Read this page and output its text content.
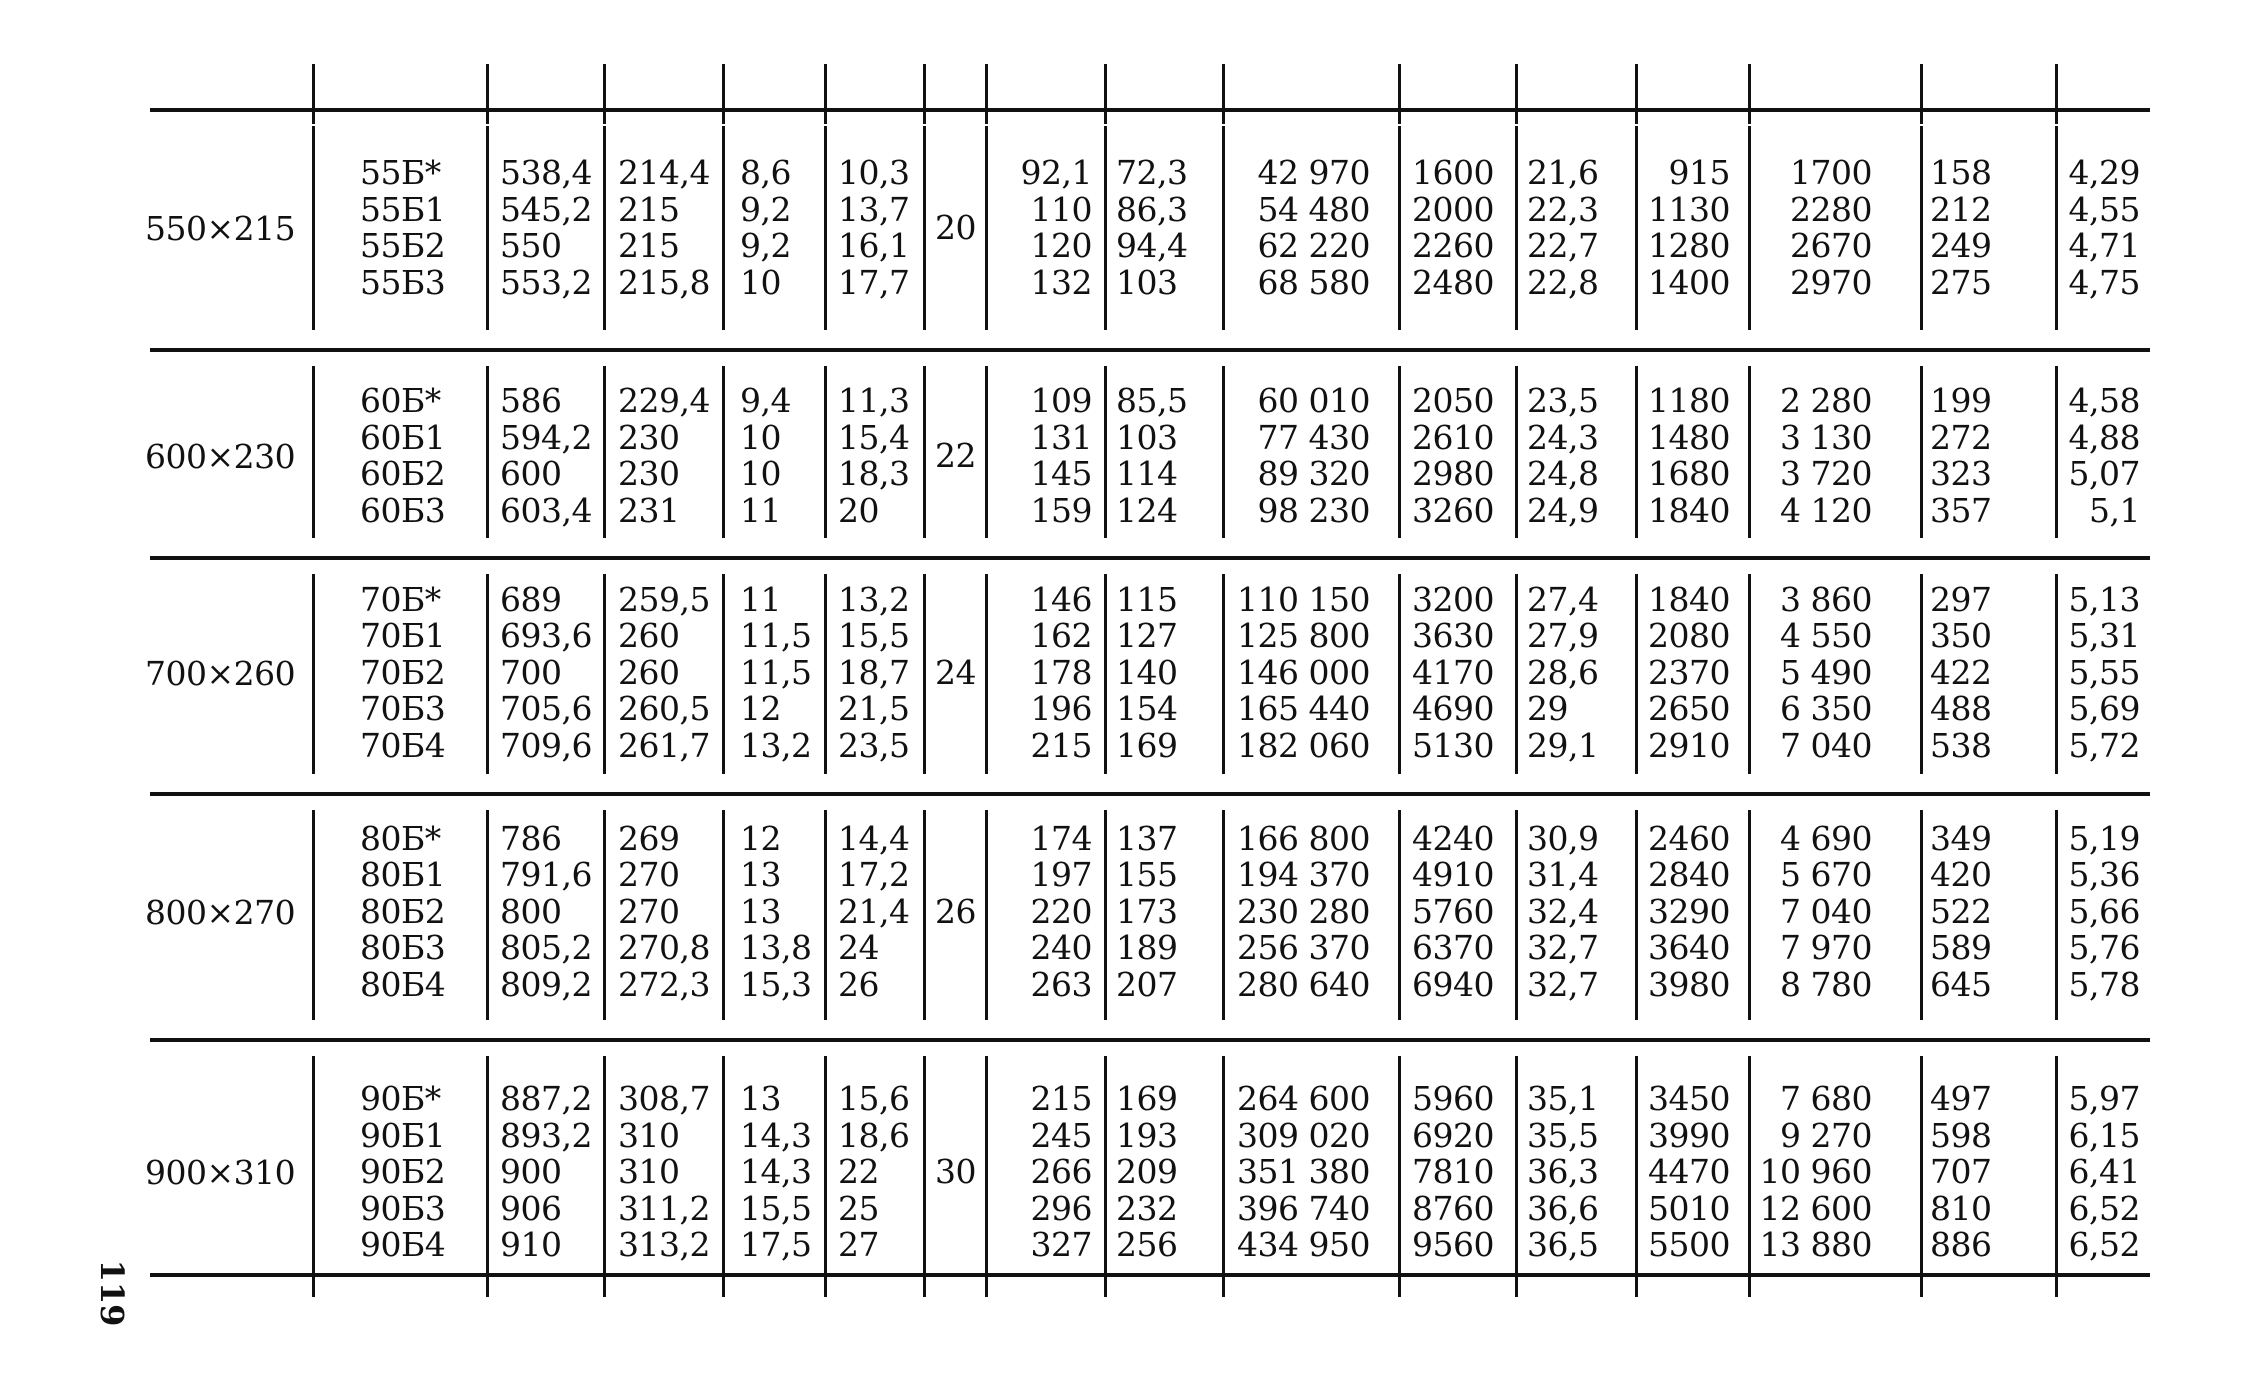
550×215
55Б*
55Б1
55Б2
55Б3
538,4
545,2
550
553,2
214,4
215
215
215,8
8,6
9,2
9,2
10
10,3
13,7
16,1
17,7
20
92,1
110
120
132
72,3
86,3
94,4
103
42 970
54 480
62 220
68 580
1600
2000
2260
2480
21,6
22,3
22,7
22,8
915
1130
1280
1400
1700
2280
2670
2970
158
212
249
275
4,29
4,55
4,71
4,75
600×230
60Б*
60Б1
60Б2
60Б3
586
594,2
600
603,4
229,4
230
230
231
9,4
10
10
11
11,3
15,4
18,3
20
22
109
131
145
159
85,5
103
114
124
60 010
77 430
89 320
98 230
2050
2610
2980
3260
23,5
24,3
24,8
24,9
1180
1480
1680
1840
2 280
3 130
3 720
4 120
199
272
323
357
4,58
4,88
5,07
5,1
700×260
70Б*
70Б1
70Б2
70Б3
70Б4
689
693,6
700
705,6
709,6
259,5
260
260
260,5
261,7
11
11,5
11,5
12
13,2
13,2
15,5
18,7
21,5
23,5
24
146
162
178
196
215
115
127
140
154
169
110 150
125 800
146 000
165 440
182 060
3200
3630
4170
4690
5130
27,4
27,9
28,6
29
29,1
1840
2080
2370
2650
2910
3 860
4 550
5 490
6 350
7 040
297
350
422
488
538
5,13
5,31
5,55
5,69
5,72
800×270
80Б*
80Б1
80Б2
80Б3
80Б4
786
791,6
800
805,2
809,2
269
270
270
270,8
272,3
12
13
13
13,8
15,3
14,4
17,2
21,4
24
26
26
174
197
220
240
263
137
155
173
189
207
166 800
194 370
230 280
256 370
280 640
4240
4910
5760
6370
6940
30,9
31,4
32,4
32,7
32,7
2460
2840
3290
3640
3980
4 690
5 670
7 040
7 970
8 780
349
420
522
589
645
5,19
5,36
5,66
5,76
5,78
900×310
90Б*
90Б1
90Б2
90Б3
90Б4
887,2
893,2
900
906
910
308,7
310
310
311,2
313,2
13
14,3
14,3
15,5
17,5
15,6
18,6
22
25
27
30
215
245
266
296
327
169
193
209
232
256
264 600
309 020
351 380
396 740
434 950
5960
6920
7810
8760
9560
35,1
35,5
36,3
36,6
36,5
3450
3990
4470
5010
5500
7 680
9 270
10 960
12 600
13 880
497
598
707
810
886
5,97
6,15
6,41
6,52
6,52
119
